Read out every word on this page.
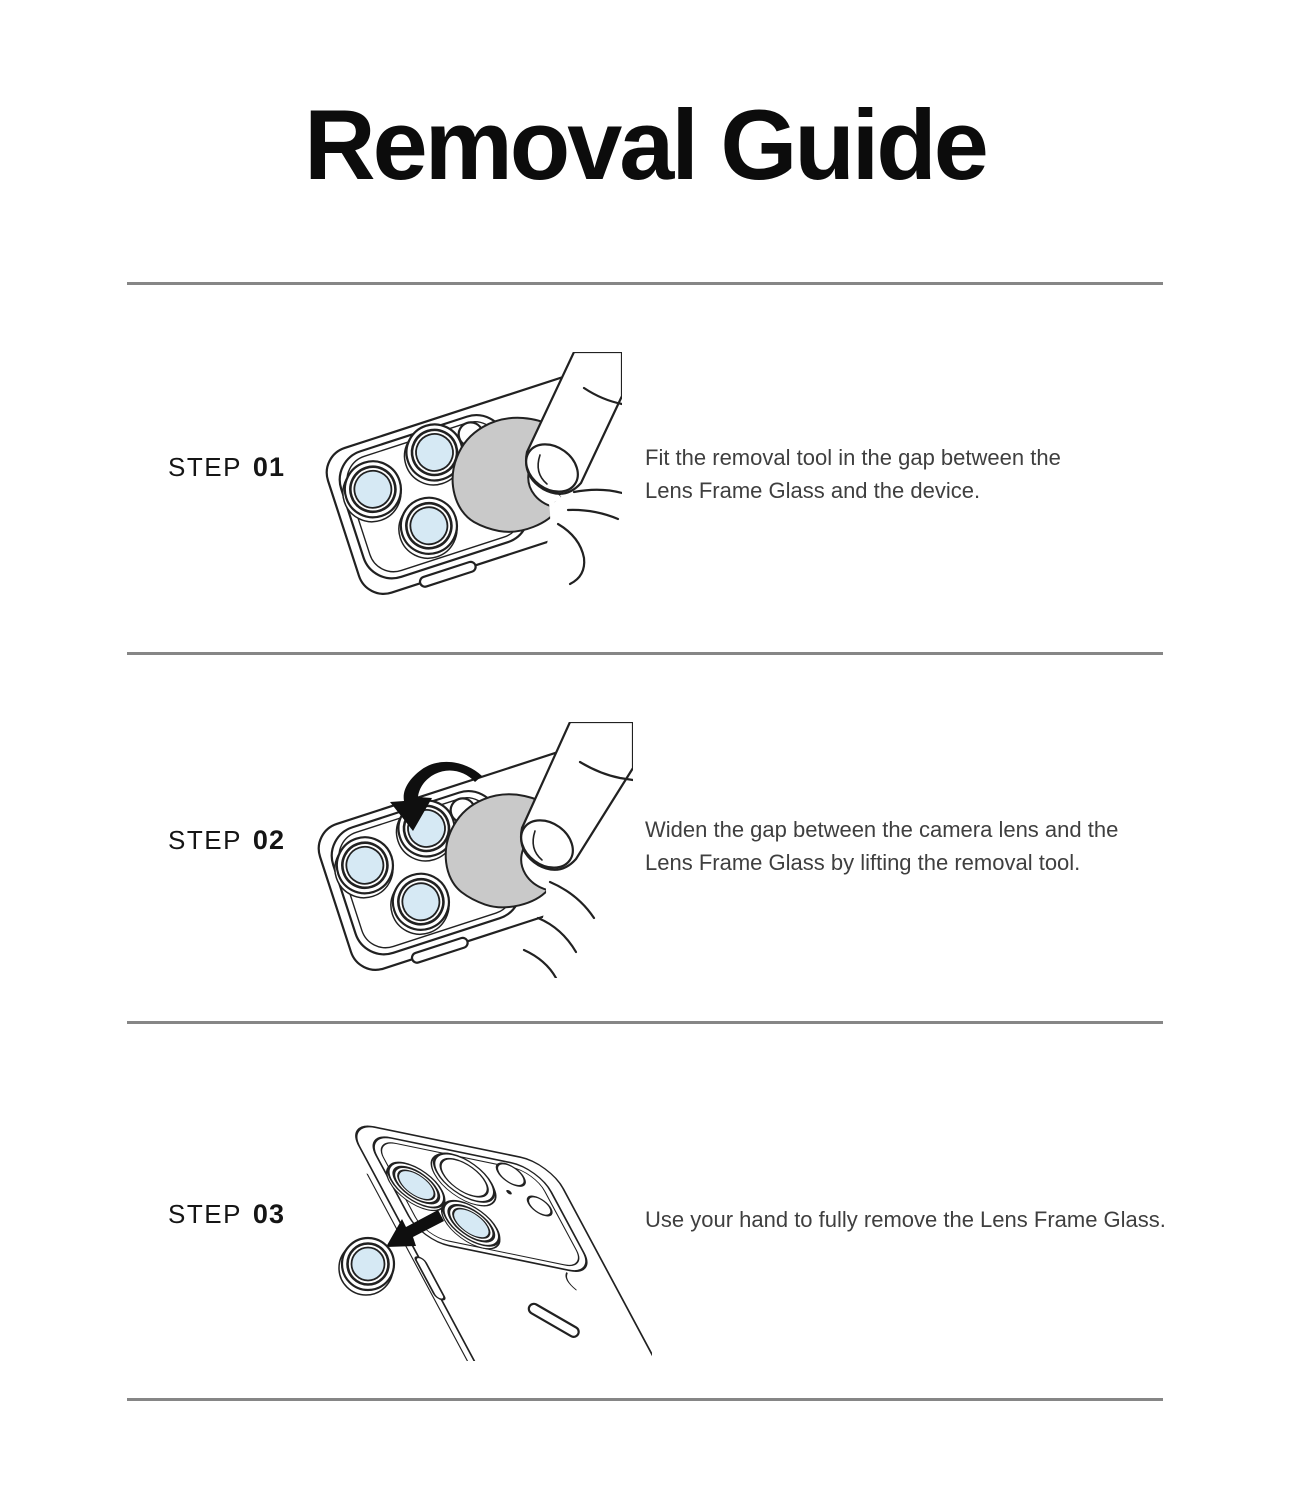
Removal Guide
STEP 01	Fit the removal tool in the gap between the
Lens Frame Glass and the device.
STEP 02	Widen the gap between the camera lens and the
Lens Frame Glass by lifting the removal tool.
STEP 03	Use your hand to fully remove the Lens Frame Glass.
